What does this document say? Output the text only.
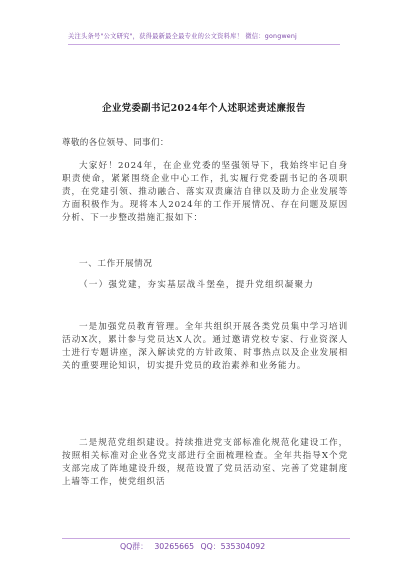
关注头条号"公文研究"，获得最新最全最专业的公文资料库！ 微信：gongwenj
企业党委副书记2024年个人述职述责述廉报告
尊敬的各位领导、同事们：

大家好！2024年，在企业党委的坚强领导下，我始终牢记自身职责使命，紧紧围绕企业中心工作，扎实履行党委副书记的各项职责，在党建引领、推动融合、落实双责廉洁自律以及助力企业发展等方面积极作为。现将本人2024年的工作开展情况、存在问题及原因分析、下一步整改措施汇报如下：

一、工作开展情况
（一）强党建，夯实基层战斗堡垒，提升党组织凝聚力

一是加强党员教育管理。全年共组织开展各类党员集中学习培训活动X次，累计参与党员达X人次。通过邀请党校专家、行业资深人士进行专题讲座，深入解读党的方针政策、时事热点以及企业发展相关的重要理论知识，切实提升党员的政治素养和业务能力。

二是规范党组织建设。持续推进党支部标准化规范化建设工作，按照相关标准对企业各党支部进行全面梳理检查。全年共指导X个党支部完成了阵地建设升级，规范设置了党员活动室、完善了党建制度上墙等工作，使党组织活

QQ群： 30265665 QQ：535304092
